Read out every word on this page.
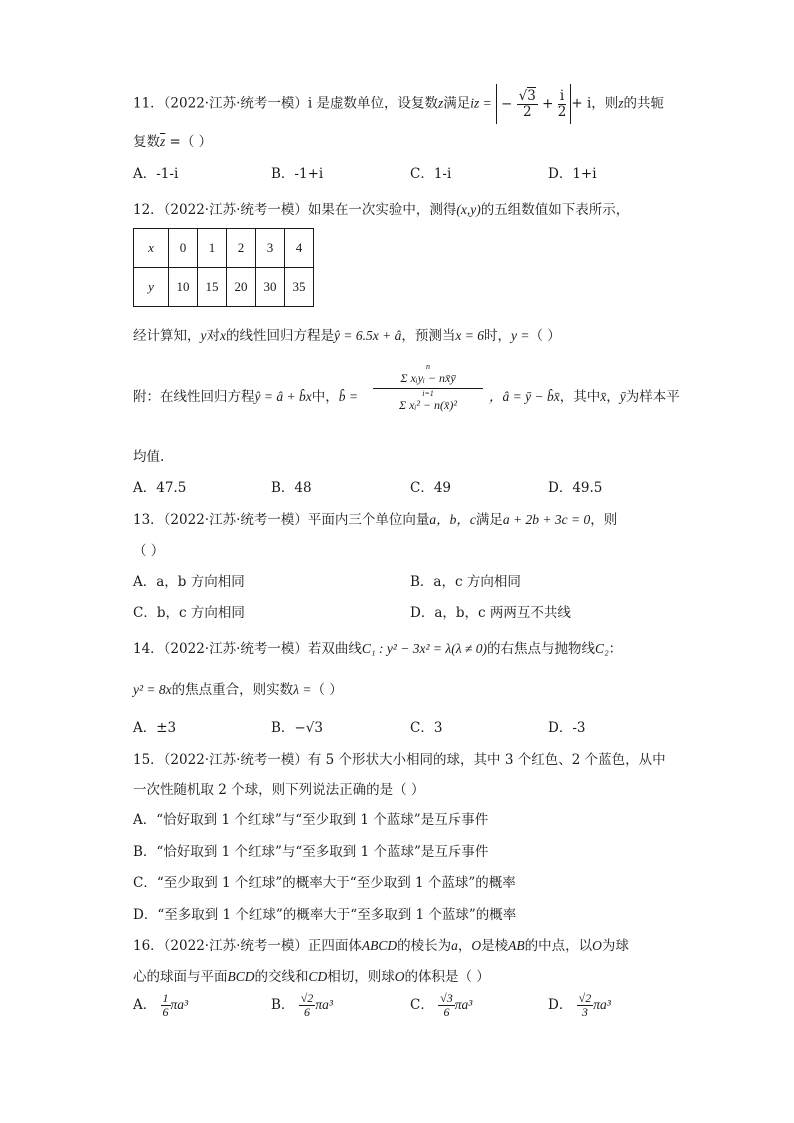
11．（2022·江苏·统考一模）i 是虚数单位，设复数z满足iz = − $\frac{√3}{2} + \frac{i}{2} + i$，则z的共轭
复数$\overline{z}$ =（ ）
A．-1-i	B．-1+i	C．1-i	D．1+i
12．（2022·江苏·统考一模）如果在一次实验中，测得(x,y)的五组数值如下表所示，
x	0	1	2	3	4
y	10	15	20	30	35
经计算知，y对x的线性回归方程是ŷ = 6.5x + â，预测当x = 6时，y =（ ）
附：在线性回归方程ŷ = â + b̂x中，b̂ =
n
Σ xᵢyᵢ − nx̄ȳ
i=1
Σ xᵢ² − n(x̄)²
，â = ȳ − b̂x̄，其中x̄，ȳ为样本平
均值.
A．47.5	B．48	C．49	D．49.5
13．（2022·江苏·统考一模）平面内三个单位向量a，b，c满足a + 2b + 3c = 0，则
（ ）
A．a，b 方向相同	B．a，c 方向相同
C．b，c 方向相同	D．a，b，c 两两互不共线
14．（2022·江苏·统考一模）若双曲线C₁ : y² − 3x² = λ(λ ≠ 0)的右焦点与抛物线C₂：
y² = 8x的焦点重合，则实数λ =（ ）
A．±3	B．−√3	C．3	D．-3
15．（2022·江苏·统考一模）有 5 个形状大小相同的球，其中 3 个红色、2 个蓝色，从中
一次性随机取 2 个球，则下列说法正确的是（ ）
A．“恰好取到 1 个红球”与“至少取到 1 个蓝球”是互斥事件
B．“恰好取到 1 个红球”与“至多取到 1 个蓝球”是互斥事件
C．“至少取到 1 个红球”的概率大于“至少取到 1 个蓝球”的概率
D．“至多取到 1 个红球”的概率大于“至多取到 1 个蓝球”的概率
16．（2022·江苏·统考一模）正四面体ABCD的棱长为a，O是棱AB的中点，以O为球
心的球面与平面BCD的交线和CD相切，则球O的体积是（ ）
A． $\frac{1}{6} \pi a^3$	B． $\frac{√2}{6} \pi a^3$	C． $\frac{√3}{6} \pi a^3$	D． $\frac{√2}{3} \pi a^3$
